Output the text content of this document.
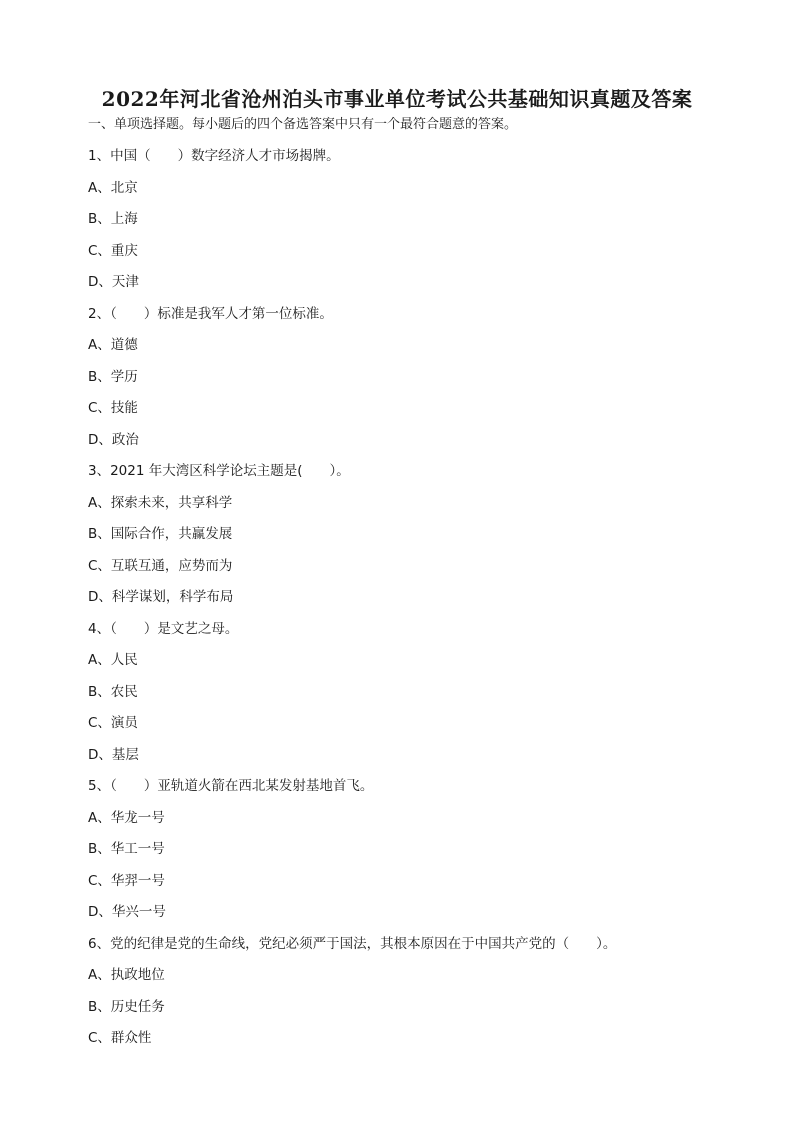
2022年河北省沧州泊头市事业单位考试公共基础知识真题及答案
一、单项选择题。每小题后的四个备选答案中只有一个最符合题意的答案。
1、中国（　　）数字经济人才市场揭牌。
A、北京
B、上海
C、重庆
D、天津
2、（　　）标准是我军人才第一位标准。
A、道德
B、学历
C、技能
D、政治
3、2021 年大湾区科学论坛主题是(　　）。
A、探索未来，共享科学
B、国际合作，共赢发展
C、互联互通，应势而为
D、科学谋划，科学布局
4、（　　）是文艺之母。
A、人民
B、农民
C、演员
D、基层
5、（　　）亚轨道火箭在西北某发射基地首飞。
A、华龙一号
B、华工一号
C、华羿一号
D、华兴一号
6、党的纪律是党的生命线，党纪必须严于国法，其根本原因在于中国共产党的（　　）。
A、执政地位
B、历史任务
C、群众性
